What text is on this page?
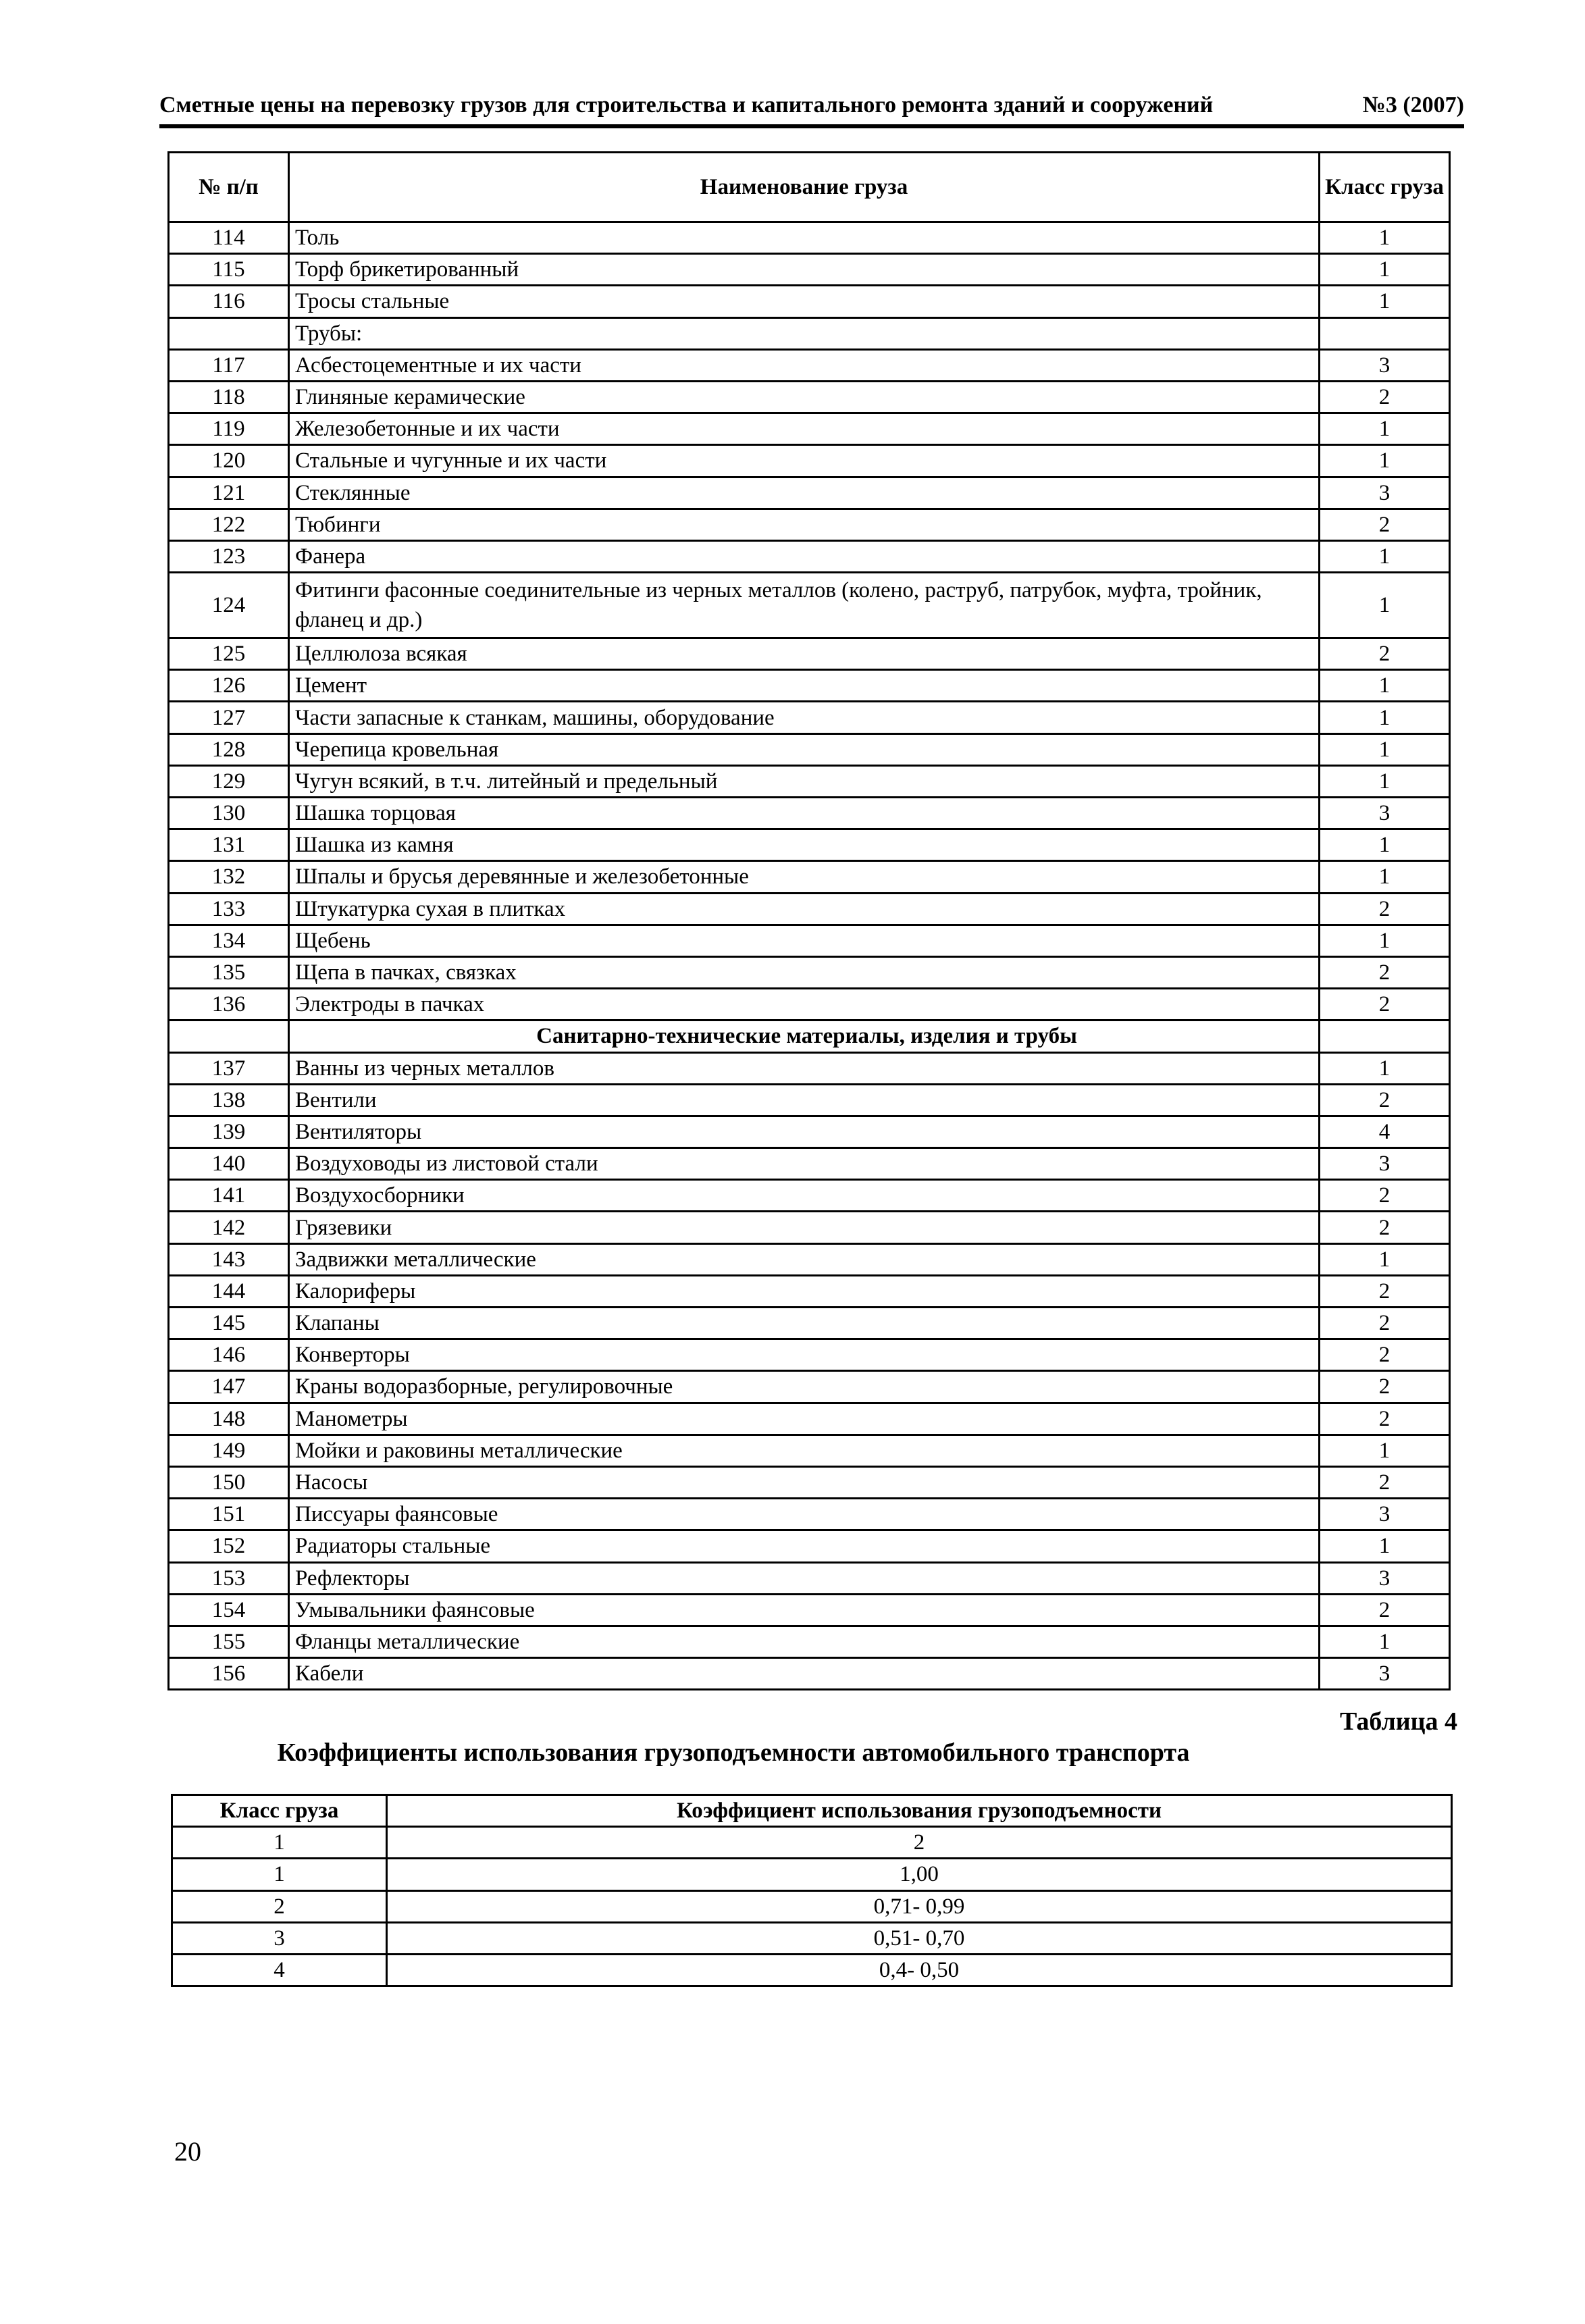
Сметные цены на перевозку грузов для строительства и капитального ремонта зданий и сооружений	№3 (2007)
№ п/п	Наименование груза	Класс груза
114	Толь	1
115	Торф брикетированный	1
116	Тросы стальные	1
	Трубы:	
117	Асбестоцементные и их части	3
118	Глиняные керамические	2
119	Железобетонные и их части	1
120	Стальные и чугунные и их части	1
121	Стеклянные	3
122	Тюбинги	2
123	Фанера	1
124	Фитинги фасонные соединительные из черных металлов (колено, раструб, патрубок, муфта, тройник, фланец и др.)	1
125	Целлюлоза всякая	2
126	Цемент	1
127	Части запасные к станкам, машины, оборудование	1
128	Черепица кровельная	1
129	Чугун всякий, в т.ч. литейный и предельный	1
130	Шашка торцовая	3
131	Шашка из камня	1
132	Шпалы и брусья деревянные и железобетонные	1
133	Штукатурка сухая в плитках	2
134	Щебень	1
135	Щепа в пачках, связках	2
136	Электроды в пачках	2
	Санитарно-технические материалы, изделия и трубы	
137	Ванны из черных металлов	1
138	Вентили	2
139	Вентиляторы	4
140	Воздуховоды из листовой стали	3
141	Воздухосборники	2
142	Грязевики	2
143	Задвижки металлические	1
144	Калориферы	2
145	Клапаны	2
146	Конверторы	2
147	Краны водоразборные, регулировочные	2
148	Манометры	2
149	Мойки и раковины металлические	1
150	Насосы	2
151	Писсуары фаянсовые	3
152	Радиаторы стальные	1
153	Рефлекторы	3
154	Умывальники фаянсовые	2
155	Фланцы металлические	1
156	Кабели	3
Таблица 4
Коэффициенты использования грузоподъемности автомобильного транспорта
Класс груза	Коэффициент использования грузоподъемности
1	2
1	1,00
2	0,71- 0,99
3	0,51- 0,70
4	0,4- 0,50
20
